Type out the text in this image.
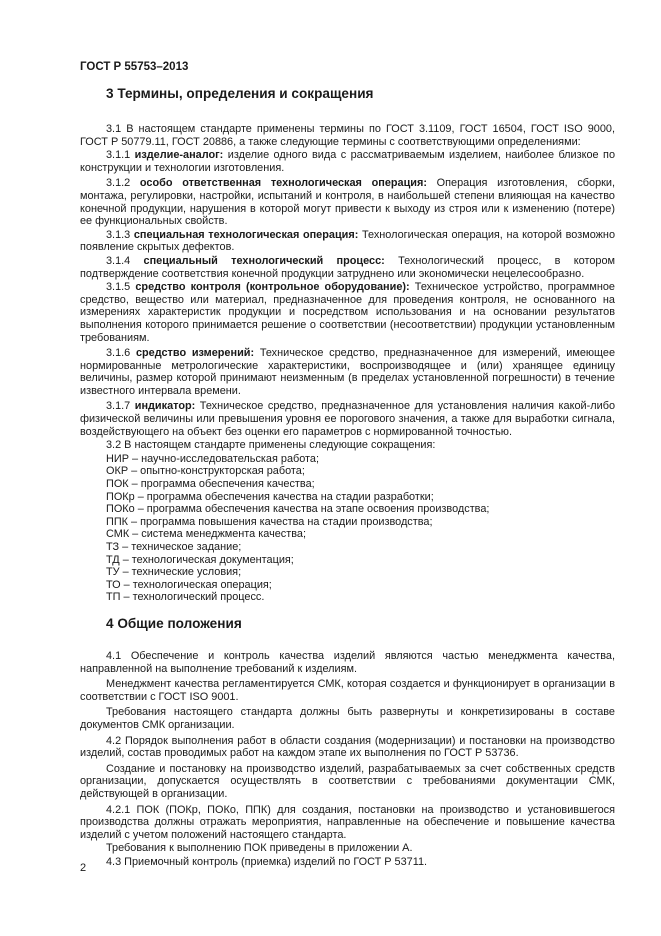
ГОСТ Р 55753–2013
3 Термины, определения и сокращения

3.1 В настоящем стандарте применены термины по ГОСТ 3.1109, ГОСТ 16504, ГОСТ ISO 9000, ГОСТ Р 50779.11, ГОСТ 20886, а также следующие термины с соответствующими определениями:

3.1.1 изделие-аналог: изделие одного вида с рассматриваемым изделием, наиболее близкое по конструкции и технологии изготовления.

3.1.2 особо ответственная технологическая операция: Операция изготовления, сборки, монтажа, регулировки, настройки, испытаний и контроля, в наибольшей степени влияющая на качество конечной продукции, нарушения в которой могут привести к выходу из строя или к изменению (потере) ее функциональных свойств.

3.1.3 специальная технологическая операция: Технологическая операция, на которой возможно появление скрытых дефектов.

3.1.4 специальный технологический процесс: Технологический процесс, в котором подтверждение соответствия конечной продукции затруднено или экономически нецелесообразно.

3.1.5 средство контроля (контрольное оборудование): Техническое устройство, программное средство, вещество или материал, предназначенное для проведения контроля, не основанного на измерениях характеристик продукции и посредством использования и на основании результатов выполнения которого принимается решение о соответствии (несоответствии) продукции установленным требованиям.

3.1.6 средство измерений: Техническое средство, предназначенное для измерений, имеющее нормированные метрологические характеристики, воспроизводящее и (или) хранящее единицу величины, размер которой принимают неизменным (в пределах установленной погрешности) в течение известного интервала времени.

3.1.7 индикатор: Техническое средство, предназначенное для установления наличия какой-либо физической величины или превышения уровня ее порогового значения, а также для выработки сигнала, воздействующего на объект без оценки его параметров с нормированной точностью.

3.2 В настоящем стандарте применены следующие сокращения:

НИР – научно-исследовательская работа;

ОКР – опытно-конструкторская работа;

ПОК – программа обеспечения качества;

ПОКр – программа обеспечения качества на стадии разработки;

ПОКо – программа обеспечения качества на этапе освоения производства;

ППК – программа повышения качества на стадии производства;

СМК – система менеджмента качества;

ТЗ – техническое задание;

ТД – технологическая документация;

ТУ – технические условия;

ТО – технологическая операция;

ТП – технологический процесс.

4 Общие положения

4.1 Обеспечение и контроль качества изделий являются частью менеджмента качества, направленной на выполнение требований к изделиям.

Менеджмент качества регламентируется СМК, которая создается и функционирует в организации в соответствии с ГОСТ ISO 9001.

Требования настоящего стандарта должны быть развернуты и конкретизированы в составе документов СМК организации.

4.2 Порядок выполнения работ в области создания (модернизации) и постановки на производство изделий, состав проводимых работ на каждом этапе их выполнения по ГОСТ Р 53736.

Создание и постановку на производство изделий, разрабатываемых за счет собственных средств организации, допускается осуществлять в соответствии с требованиями документации СМК, действующей в организации.

4.2.1 ПОК (ПОКр, ПОКо, ППК) для создания, постановки на производство и установившегося производства должны отражать мероприятия, направленные на обеспечение и повышение качества изделий с учетом положений настоящего стандарта.

Требования к выполнению ПОК приведены в приложении А.

4.3 Приемочный контроль (приемка) изделий по ГОСТ Р 53711.

2
